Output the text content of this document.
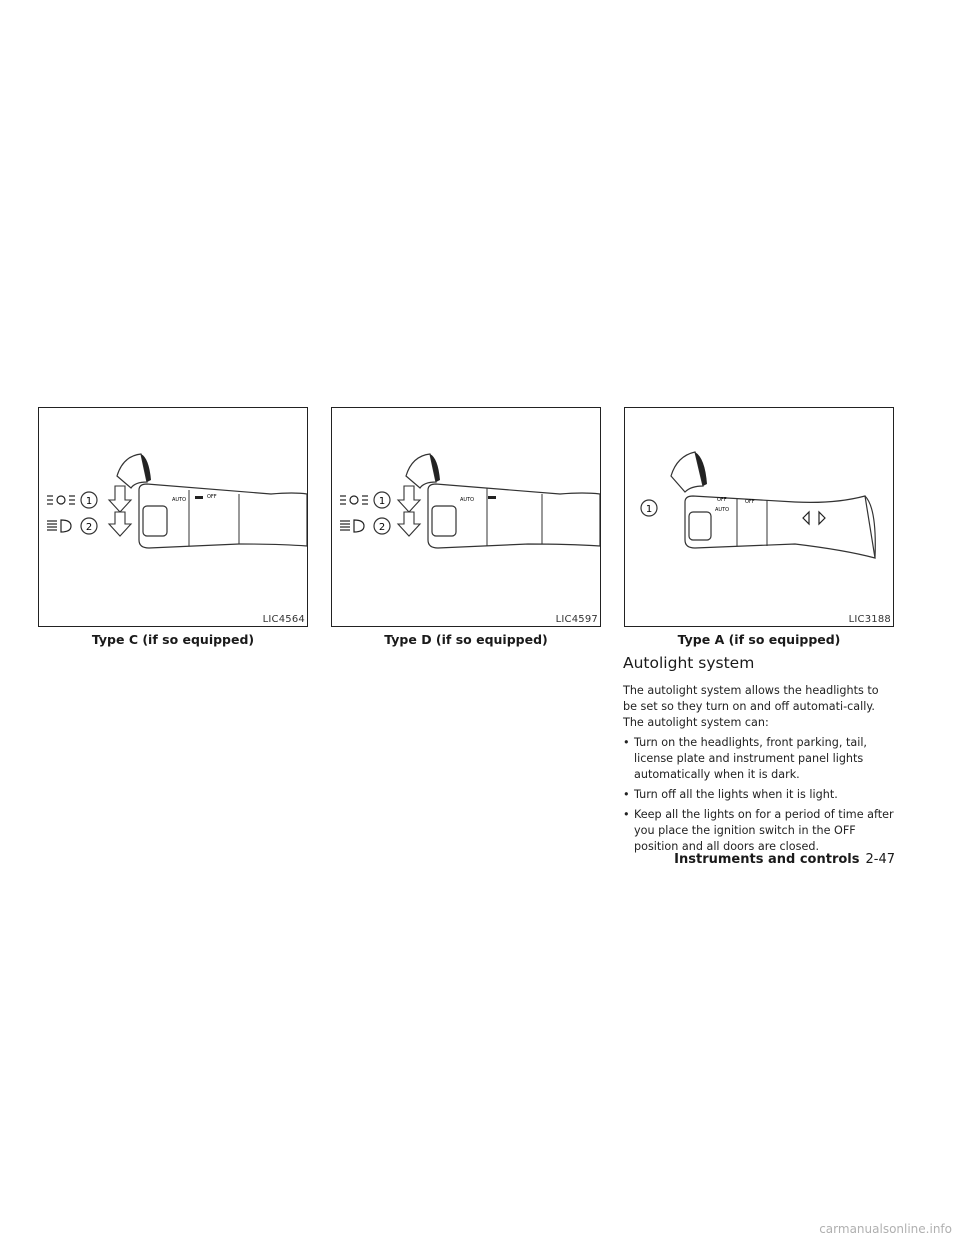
AUTO	OFF
1
2
LIC4564
Type C (if so equipped)
AUTO
1
2
LIC4597
Type D (if so equipped)
OFF	OFF
AUTO
1
LIC3188
Type A (if so equipped)
Autolight system

The autolight system allows the headlights to be set so they turn on and off automati-cally. The autolight system can:

• Turn on the headlights, front parking, tail, license plate and instrument panel lights automatically when it is dark.
• Turn off all the lights when it is light.
• Keep all the lights on for a period of time after you place the ignition switch in the OFF position and all doors are closed.
Instruments and controls 2-47
carmanualsonline.info
